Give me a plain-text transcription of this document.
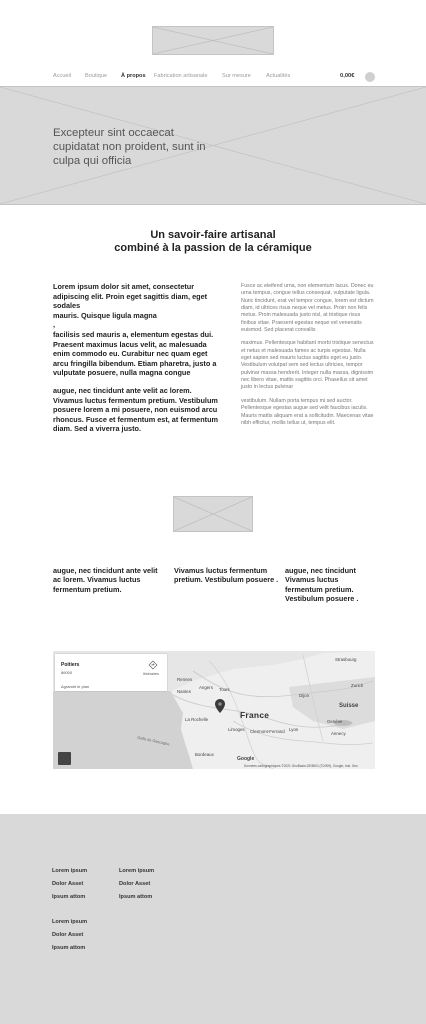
Accueil Boutique À propos Fabrication artisanale	Sur mesure	Actualités	0,00€
Excepteur sint occaecat cupidatat non proident, sunt in culpa qui officia
Un savoir-faire artisanal
combiné à la passion de la céramique

Lorem ipsum dolor sit amet, consectetur adipiscing elit. Proin eget sagittis diam, eget sodales
mauris. Quisque ligula magna
,
facilisis sed mauris a, elementum egestas dui. Praesent maximus lacus velit, ac malesuada enim commodo eu. Curabitur nec quam eget arcu fringilla bibendum. Etiam pharetra, justo a vulputate posuere, nulla magna congue

augue, nec tincidunt ante velit ac lorem. Vivamus luctus fermentum pretium. Vestibulum posuere lorem a mi posuere, non euismod arcu rhoncus. Fusce et fermentum est, at fermentum diam. Sed a viverra justo.

Fusce ac eleifend urna, non elementum lacus. Donec eu urna tempus, congue tellus consequat, vulputate ligula. Nunc tincidunt, erat vel tempor congue, lorem est dictum diam, id ultrices risus neque vel metus. Proin non felis metus. Proin malesuada justo nisl, at tristique risus finibus vitae. Praesent egestas neque vel venenatis euismod. Sed placerat convallis

maximus. Pellentesque habitant morbi tristique senectus et netus et malesuada fames ac turpis egestas. Nulla eget sapien sed mauris luctus sagittis eget eu justo. Vestibulum volutpat sem sed lectus ultricies, tempor pulvinar massa hendrerit. Integer nulla massa, dignissim nec libero vitae, mattis sagittis orci. Phasellus sit amet justo in lectus pulvinar

vestibulum. Nullam porta tempus mi sed auctor. Pellentesque egestas augue sed velit faucibus iaculis. Mauris mattis aliquam erat a sollicitudin. Maecenas vitae nibh efficitur, mollis tellus ut, tempus elit.

augue, nec tincidunt ante velit ac lorem. Vivamus luctus fermentum pretium.
Vivamus luctus fermentum pretium. Vestibulum posuere .
augue, nec tincidunt Vivamus luctus fermentum pretium. Vestibulum posuere .
Poitiers
86000	Itinéraires
Agrandir le plan
Rennes
Nantes
Angers Tours
La Rochelle
Limoges Clermont-Ferrand Lyon
Genève
Bordeaux
Strasbourg
Zurich
Dijon
Annecy
France
Suisse
Golfe de Gascogne
Google
Données cartographiques ©2021 GeoBasis-DE/BKG (©2009), Google, Inst. Geo
Lorem ipsum
Dolor Asset
Ipsum attom
Lorem ipsum
Dolor Asset
Ipsum attom
Lorem ipsum
Dolor Asset
Ipsum attom
